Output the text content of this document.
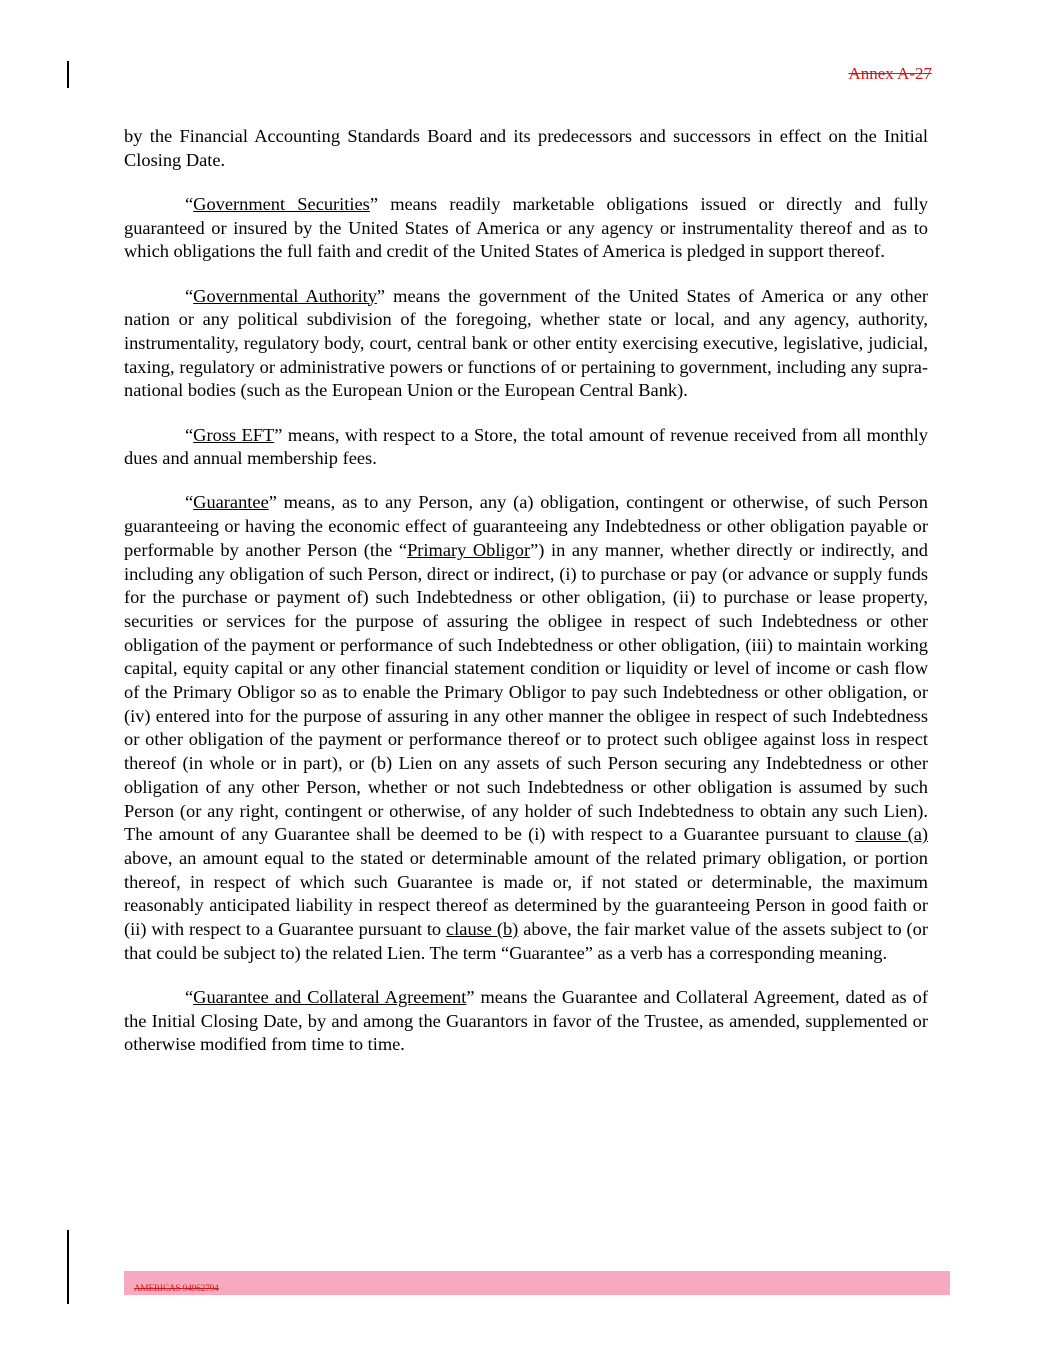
Annex A-27

by the Financial Accounting Standards Board and its predecessors and successors in effect on the Initial Closing Date.

“Government Securities” means readily marketable obligations issued or directly and fully guaranteed or insured by the United States of America or any agency or instrumentality thereof and as to which obligations the full faith and credit of the United States of America is pledged in support thereof.

“Governmental Authority” means the government of the United States of America or any other nation or any political subdivision of the foregoing, whether state or local, and any agency, authority, instrumentality, regulatory body, court, central bank or other entity exercising executive, legislative, judicial, taxing, regulatory or administrative powers or functions of or pertaining to government, including any supra-national bodies (such as the European Union or the European Central Bank).

“Gross EFT” means, with respect to a Store, the total amount of revenue received from all monthly dues and annual membership fees.

“Guarantee” means, as to any Person, any (a) obligation, contingent or otherwise, of such Person guaranteeing or having the economic effect of guaranteeing any Indebtedness or other obligation payable or performable by another Person (the “Primary Obligor”) in any manner, whether directly or indirectly, and including any obligation of such Person, direct or indirect, (i) to purchase or pay (or advance or supply funds for the purchase or payment of) such Indebtedness or other obligation, (ii) to purchase or lease property, securities or services for the purpose of assuring the obligee in respect of such Indebtedness or other obligation of the payment or performance of such Indebtedness or other obligation, (iii) to maintain working capital, equity capital or any other financial statement condition or liquidity or level of income or cash flow of the Primary Obligor so as to enable the Primary Obligor to pay such Indebtedness or other obligation, or (iv) entered into for the purpose of assuring in any other manner the obligee in respect of such Indebtedness or other obligation of the payment or performance thereof or to protect such obligee against loss in respect thereof (in whole or in part), or (b) Lien on any assets of such Person securing any Indebtedness or other obligation of any other Person, whether or not such Indebtedness or other obligation is assumed by such Person (or any right, contingent or otherwise, of any holder of such Indebtedness to obtain any such Lien). The amount of any Guarantee shall be deemed to be (i) with respect to a Guarantee pursuant to clause (a) above, an amount equal to the stated or determinable amount of the related primary obligation, or portion thereof, in respect of which such Guarantee is made or, if not stated or determinable, the maximum reasonably anticipated liability in respect thereof as determined by the guaranteeing Person in good faith or (ii) with respect to a Guarantee pursuant to clause (b) above, the fair market value of the assets subject to (or that could be subject to) the related Lien. The term “Guarantee” as a verb has a corresponding meaning.

“Guarantee and Collateral Agreement” means the Guarantee and Collateral Agreement, dated as of the Initial Closing Date, by and among the Guarantors in favor of the Trustee, as amended, supplemented or otherwise modified from time to time.

AMERICAS 94962794
